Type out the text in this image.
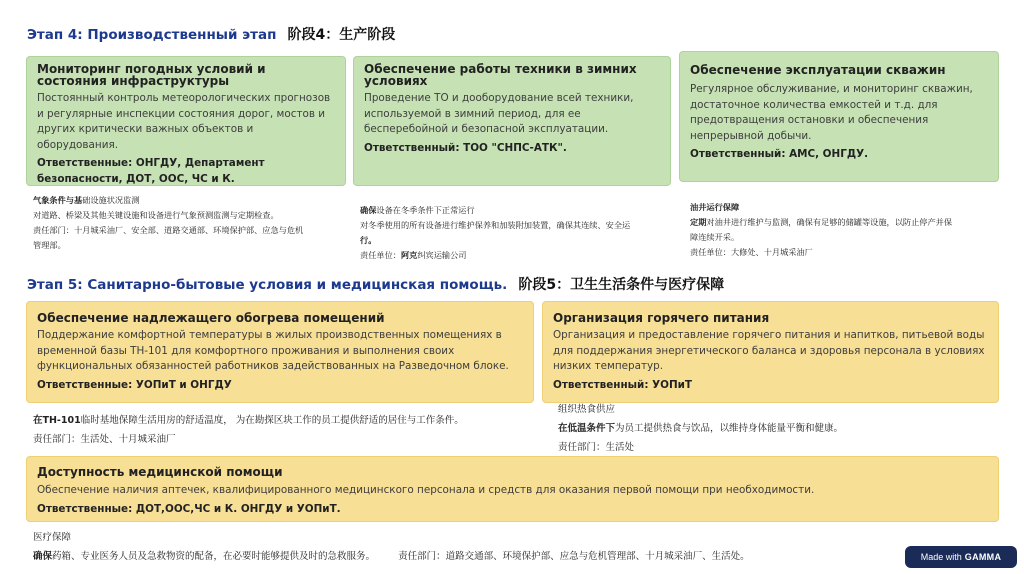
Этап 4: Производственный этап 阶段4：生产阶段
Мониторинг погодных условий и состояния инфраструктуры

Постоянный контроль метеорологических прогнозов и регулярные инспекции состояния дорог, мостов и других критически важных объектов и оборудования.

Ответственные: ОНГДУ, Департамент безопасности, ДОТ, ООС, ЧС и К.
Обеспечение работы техники в зимних условиях

Проведение ТО и дооборудование всей техники, используемой в зимний период, для ее бесперебойной и безопасной эксплуатации.

Ответственный: ТОО "СНПС-АТК".
Обеспечение эксплуатации скважин

Регулярное обслуживание, и мониторинг скважин, достаточное количества емкостей и т.д. для предотвращения остановки и обеспечения непрерывной добычи.

Ответственный: АМС, ОНГДУ.
气象条件与基础设施状况监测
对道路、桥梁及其他关键设施和设备进行气象预测监测与定期检查。
责任部门：十月城采油厂、安全部、道路交通部、环境保护部、应急与危机
管理部。
确保设备在冬季条件下正常运行
对冬季使用的所有设备进行维护保养和加装附加装置，确保其连续、安全运
行。
责任单位：阿克纠宾运输公司
油井运行保障
定期对油井进行维护与监测，确保有足够的储罐等设施，以防止停产并保
障连续开采。
责任单位：大修处、十月城采油厂
Этап 5: Санитарно-бытовые условия и медицинская помощь. 阶段5：卫生生活条件与医疗保障
Обеспечение надлежащего обогрева помещений

Поддержание комфортной температуры в жилых производственных помещениях в временной базы ТН-101 для комфортного проживания и выполнения своих функциональных обязанностей работников задействованных на Разведочном блоке.

Ответственные: УОПиТ и ОНГДУ
Организация горячего питания

Организация и предоставление горячего питания и напитков, питьевой воды для поддержания энергетического баланса и здоровья персонала в условиях низких температур.

Ответственный: УОПиТ
在TH-101临时基地保障生活用房的舒适温度， 为在勘探区块工作的员工提供舒适的居住与工作条件。
责任部门：生活处、十月城采油厂
组织热食供应
在低温条件下为员工提供热食与饮品，以维持身体能量平衡和健康。
责任部门：生活处
Доступность медицинской помощи

Обеспечение наличия аптечек, квалифицированного медицинского персонала и средств для оказания первой помощи при необходимости.

Ответственные: ДОТ,ООС,ЧС и К. ОНГДУ и УОПиТ.
医疗保障
确保药箱、专业医务人员及急救物资的配备，在必要时能够提供及时的急救服务。 责任部门：道路交通部、环境保护部、应急与危机管理部、十月城采油厂、生活处。	Made with GAMMA
